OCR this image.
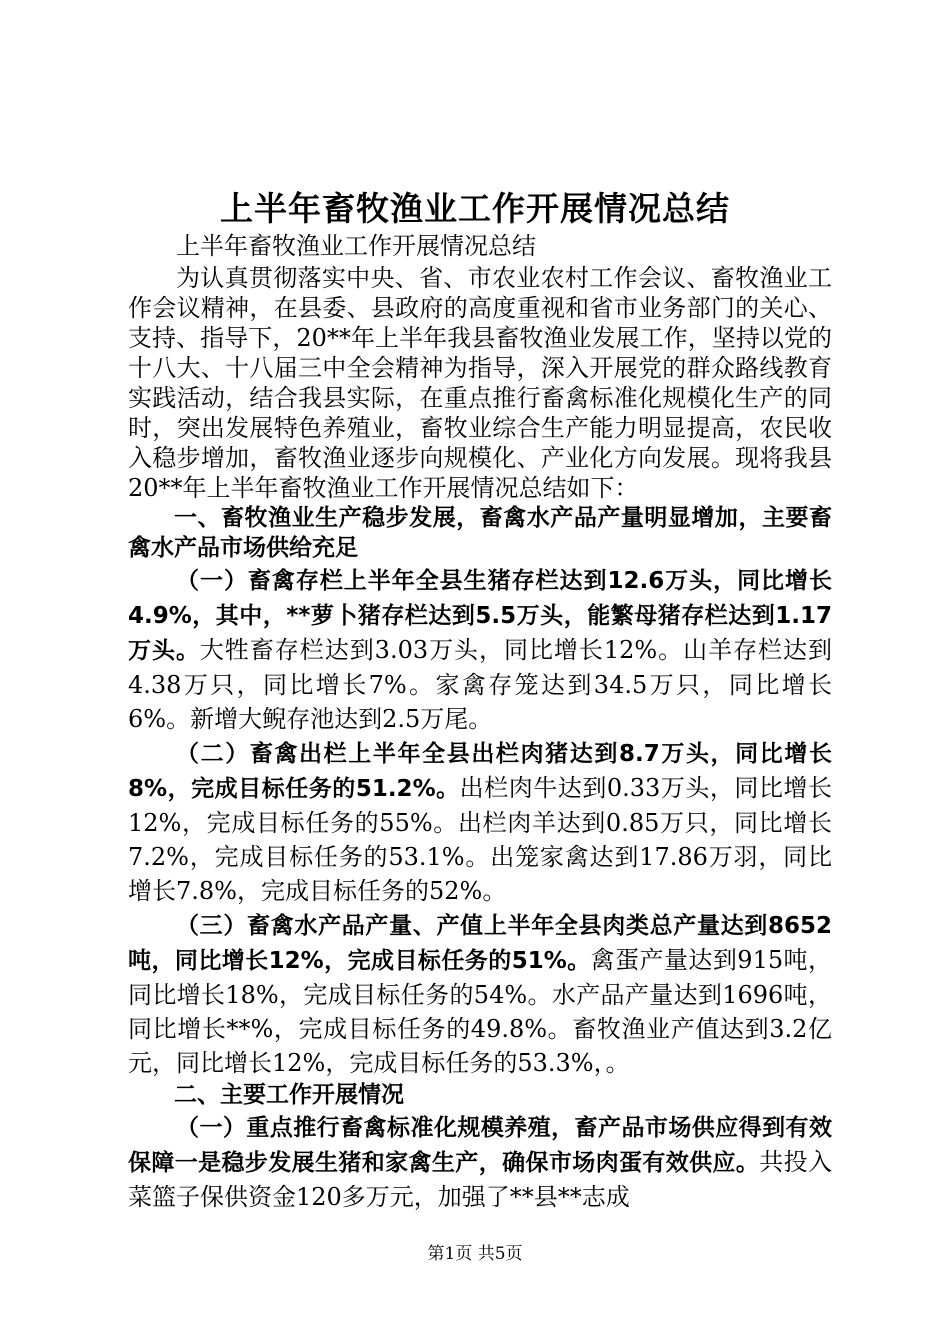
上半年畜牧渔业工作开展情况总结

上半年畜牧渔业工作开展情况总结

为认真贯彻落实中央、省、市农业农村工作会议、畜牧渔业工作会议精神，在县委、县政府的高度重视和省市业务部门的关心、支持、指导下，20**年上半年我县畜牧渔业发展工作，坚持以党的十八大、十八届三中全会精神为指导，深入开展党的群众路线教育实践活动，结合我县实际，在重点推行畜禽标准化规模化生产的同时，突出发展特色养殖业，畜牧业综合生产能力明显提高，农民收入稳步增加，畜牧渔业逐步向规模化、产业化方向发展。现将我县20**年上半年畜牧渔业工作开展情况总结如下：

一、畜牧渔业生产稳步发展，畜禽水产品产量明显增加，主要畜禽水产品市场供给充足

（一）畜禽存栏上半年全县生猪存栏达到12.6万头，同比增长4.9%，其中，**萝卜猪存栏达到5.5万头，能繁母猪存栏达到1.17万头。大牲畜存栏达到3.03万头，同比增长12%。山羊存栏达到4.38万只，同比增长7%。家禽存笼达到34.5万只，同比增长6%。新增大鲵存池达到2.5万尾。

（二）畜禽出栏上半年全县出栏肉猪达到8.7万头，同比增长8%，完成目标任务的51.2%。出栏肉牛达到0.33万头，同比增长12%，完成目标任务的55%。出栏肉羊达到0.85万只，同比增长7.2%，完成目标任务的53.1%。出笼家禽达到17.86万羽，同比增长7.8%，完成目标任务的52%。

（三）畜禽水产品产量、产值上半年全县肉类总产量达到8652吨，同比增长12%，完成目标任务的51%。禽蛋产量达到915吨，同比增长18%，完成目标任务的54%。水产品产量达到1696吨，同比增长**%，完成目标任务的49.8%。畜牧渔业产值达到3.2亿元，同比增长12%，完成目标任务的53.3%，。

二、主要工作开展情况

（一）重点推行畜禽标准化规模养殖，畜产品市场供应得到有效保障一是稳步发展生猪和家禽生产，确保市场肉蛋有效供应。共投入菜篮子保供资金120多万元，加强了**县**志成

第1页 共5页
